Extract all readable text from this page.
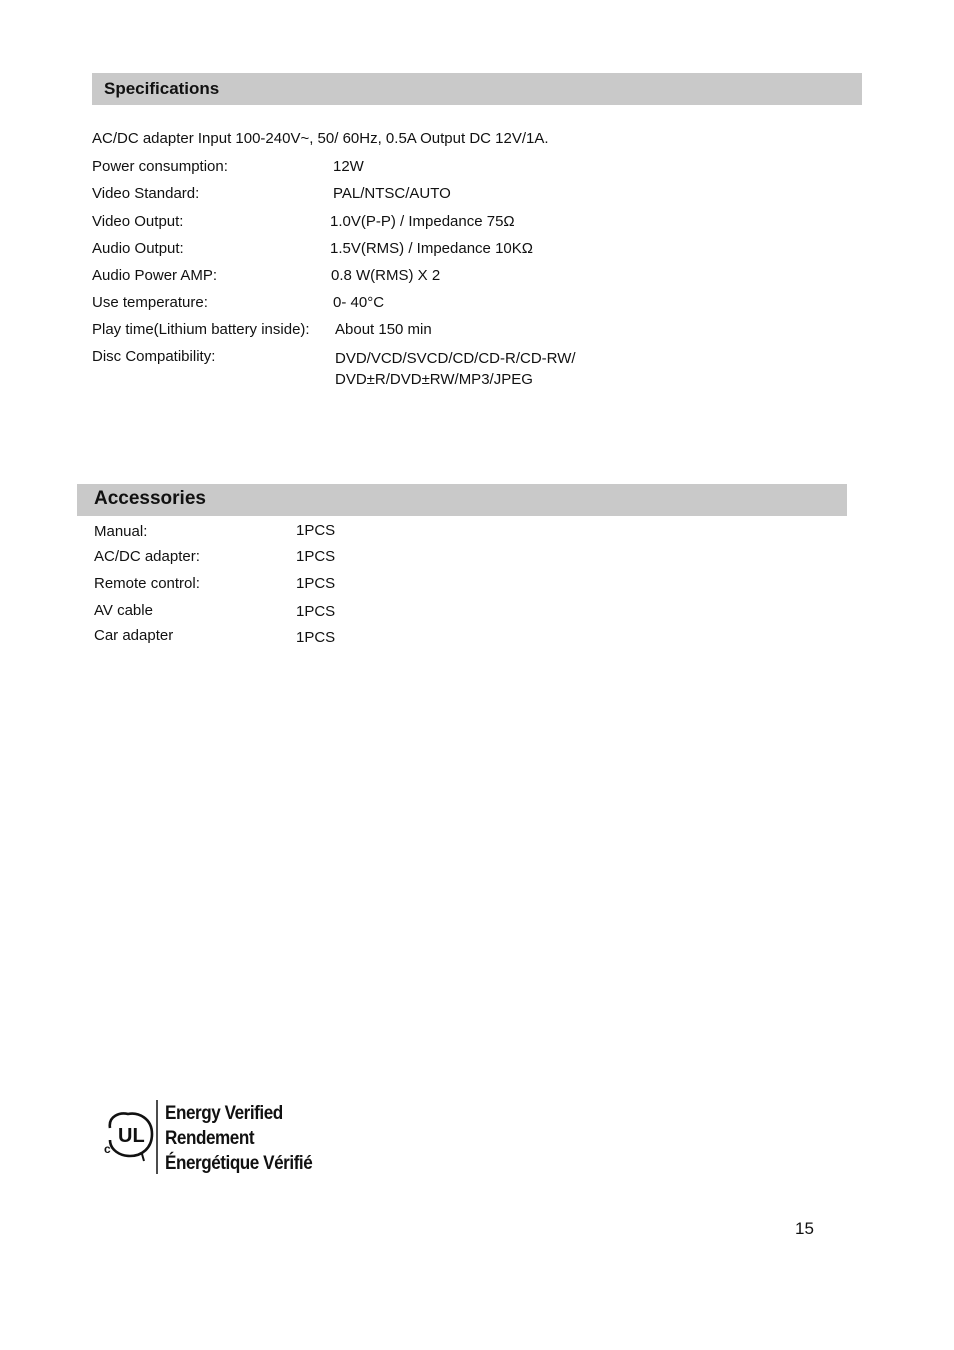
Specifications
AC/DC adapter Input 100-240V~, 50/ 60Hz, 0.5A Output DC 12V/1A.
Power consumption:	12W
Video Standard:	PAL/NTSC/AUTO
Video Output:	1.0V(P-P) / Impedance 75Ω
Audio Output:	1.5V(RMS) / Impedance 10KΩ
Audio Power AMP:	0.8 W(RMS) X 2
Use temperature:	0- 40°C
Play time(Lithium battery inside): About 150 min
Disc Compatibility:	DVD/VCD/SVCD/CD/CD-R/CD-RW/
DVD±R/DVD±RW/MP3/JPEG
Accessories
Manual:	1PCS
AC/DC adapter:	1PCS
Remote control:	1PCS
AV cable	1PCS
Car adapter	1PCS
c
UL
Energy Verified
Rendement
Énergétique Vérifié
15
